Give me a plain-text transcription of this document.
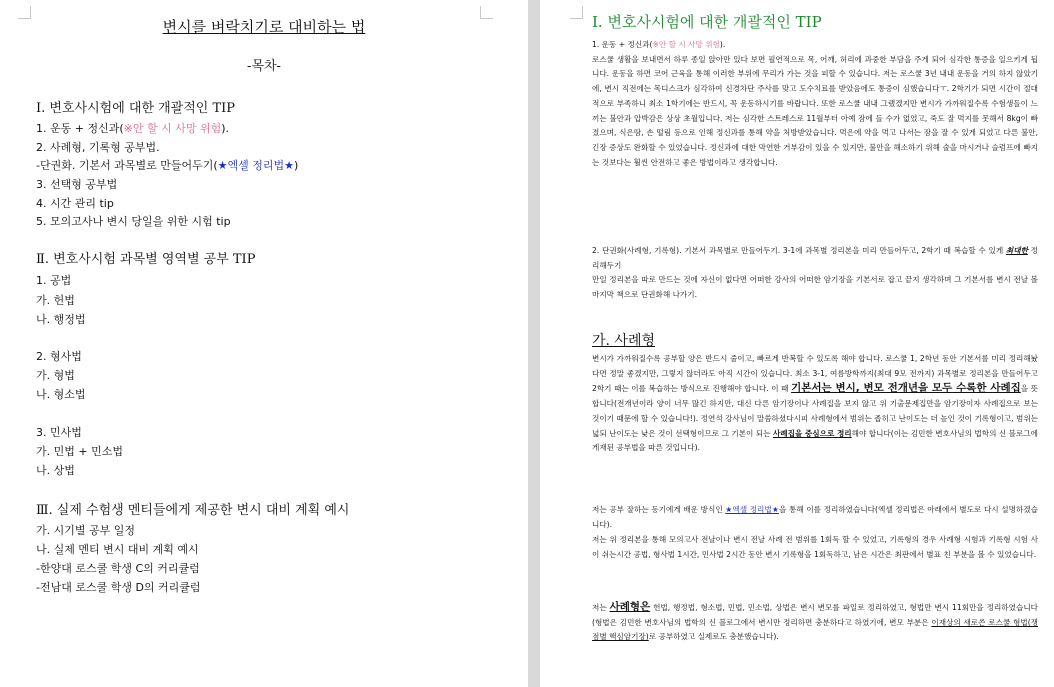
변시를 벼락치기로 대비하는 법
-목차-
Ⅰ. 변호사시험에 대한 개괄적인 TIP
1. 운동 + 정신과(※안 할 시 사망 위험).
2. 사례형, 기록형 공부법.
-단권화. 기본서 과목별로 만들어두기(★엑셀 정리법★)
3. 선택형 공부법
4. 시간 관리 tip
5. 모의고사나 변시 당일을 위한 시험 tip
Ⅱ. 변호사시험 과목별 영역별 공부 TIP
1. 공법
가. 헌법
나. 행정법
2. 형사법
가. 형법
나. 형소법
3. 민사법
가. 민법 + 민소법
나. 상법
Ⅲ. 실제 수험생 멘티들에게 제공한 변시 대비 계획 예시
가. 시기별 공부 일정
나. 실제 멘티 변시 대비 계획 예시
-한양대 로스쿨 학생 C의 커리큘럼
-전남대 로스쿨 학생 D의 커리큘럼
Ⅰ. 변호사시험에 대한 개괄적인 TIP
1. 운동 + 정신과(※안 할 시 사망 위험).
로스쿨 생활을 보내면서 하루 종일 앉아만 있다 보면 필연적으로 목, 어깨, 허리에 과중한 부담을 주게 되어 심각한 통증을 일으키게 됩니다. 운동을 하면 코어 근육을 통해 이러한 부위에 무리가 가는 것을 피할 수 있습니다. 저는 로스쿨 3년 내내 운동을 거의 하지 않았기에, 변시 직전에는 목디스크가 심각하여 신경차단 주사를 맞고 도수치료를 받았음에도 통증이 심했습니다ㅜ. 2학기가 되면 시간이 절대적으로 부족하니 최소 1학기에는 반드시, 꼭 운동하시기를 바랍니다. 또한 로스쿨 내내 그랬겠지만 변시가 가까워질수록 수험생들이 느끼는 불안과 압박감은 상상 초월입니다. 저는 심각한 스트레스로 11월부터 아예 잠에 들 수가 없었고, 죽도 잘 먹지를 못해서 8kg이 빠졌으며, 식은땀, 손 떨림 등으로 인해 정신과를 통해 약을 처방받았습니다. 먹은에 약을 먹고 나서는 잠을 잘 수 있게 되었고 다른 불안, 긴장 증상도 완화할 수 있었습니다. 정신과에 대한 막연한 거부감이 있을 수 있지만, 불안을 해소하기 위해 술을 마시거나 슬럼프에 빠지는 것보다는 훨씬 안전하고 좋은 방법이라고 생각합니다.
2. 단권화(사례형, 기록형). 기본서 과목별로 만들어두기. 3-1에 과목별 정리본을 미리 만들어두고, 2학기 때 복습할 수 있게 최대한 정리해두기
만일 정리본을 따로 만드는 것에 자신이 없다면 어떠한 강사의 어떠한 암기장을 기본서로 잡고 끝지 생각하며 그 기본서를 변시 전날 볼 마지막 책으로 단권화해 나가기.
가. 사례형
변시가 가까워질수록 공부할 양은 반드시 줄이고, 빠르게 반복할 수 있도록 해야 합니다. 로스쿨 1, 2학년 동안 기본서를 미리 정리해놨다면 정말 좋겠지만, 그렇지 않더라도 아직 시간이 있습니다. 최소 3-1, 여름방학까지(최대 9모 전까지) 과목별로 정리본을 만들어두고 2학기 때는 이를 복습하는 방식으로 진행해야 합니다. 이 때 기본서는 변시, 변모 전개년을 모두 수록한 사례집을 뜻합니다(전개년이라 양이 너무 많긴 하지만, 대신 다른 암기장이나 사례집을 보지 않고 위 기출문제집만을 암기장이자 사례집으로 보는 것이기 때문에 할 수 있습니다!). 정연석 강사님이 말씀하셨다시피 사례형에서 범위는 좁히고 난이도는 더 높인 것이 기록형이고, 범위는 넓되 난이도는 낮은 것이 선택형이므로 그 기본이 되는 사례집을 중심으로 정리해야 합니다(이는 김민한 변호사님의 법학의 신 블로그에 게재된 공부법을 따른 것입니다).
저는 공부 잘하는 동기에게 배운 방식인 ★엑셀 정리법★을 통해 이를 정리하였습니다(엑셀 정리법은 아래에서 별도로 다시 설명하겠습니다).
저는 위 정리본을 통해 모의고사 전날이나 변시 전날 사례 전 범위를 1회독 할 수 있었고, 기록형의 경우 사례형 시험과 기록형 시험 사이 쉬는시간 공법, 형사법 1시간, 민사법 2시간 동안 변시 기록형을 1회독하고, 남은 시간은 최판에서 별표 친 부분을 볼 수 있었습니다.
저는 사례형은 헌법, 행정법, 형소법, 민법, 민소법, 상법은 변시 변모를 파일로 정리하였고, 형법만 변시 11회만을 정리하였습니다(형법은 김민한 변호사님의 법학의 신 블로그에서 변시만 정리하면 충분하다고 하였기에, 변모 부분은 이재상의 새로쓴 로스쿨 형법(쟁점별 핵심암기장)로 공부하였고 실제로도 충분했습니다).
